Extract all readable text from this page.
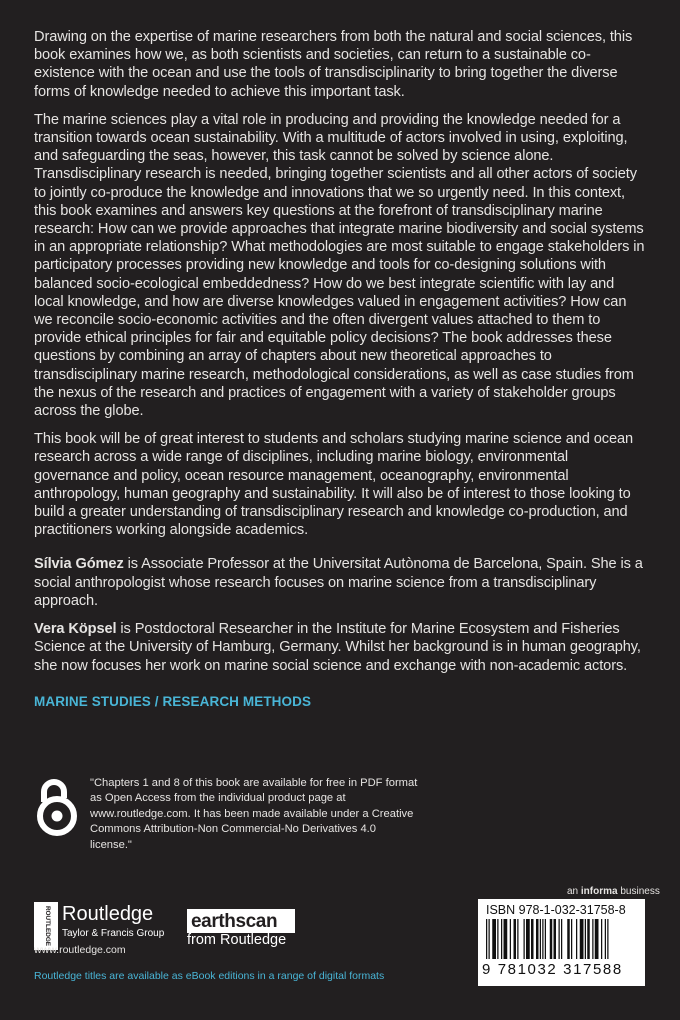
Drawing on the expertise of marine researchers from both the natural and social sciences, this book examines how we, as both scientists and societies, can return to a sustainable co-existence with the ocean and use the tools of transdisciplinarity to bring together the diverse forms of knowledge needed to achieve this important task.

The marine sciences play a vital role in producing and providing the knowledge needed for a transition towards ocean sustainability. With a multitude of actors involved in using, exploiting, and safeguarding the seas, however, this task cannot be solved by science alone. Transdisciplinary research is needed, bringing together scientists and all other actors of society to jointly co-produce the knowledge and innovations that we so urgently need. In this context, this book examines and answers key questions at the forefront of transdisciplinary marine research: How can we provide approaches that integrate marine biodiversity and social systems in an appropriate relationship? What methodologies are most suitable to engage stakeholders in participatory processes providing new knowledge and tools for co-designing solutions with balanced socio-ecological embeddedness? How do we best integrate scientific with lay and local knowledge, and how are diverse knowledges valued in engagement activities? How can we reconcile socio-economic activities and the often divergent values attached to them to provide ethical principles for fair and equitable policy decisions? The book addresses these questions by combining an array of chapters about new theoretical approaches to transdisciplinary marine research, methodological considerations, as well as case studies from the nexus of the research and practices of engagement with a variety of stakeholder groups across the globe.

This book will be of great interest to students and scholars studying marine science and ocean research across a wide range of disciplines, including marine biology, environmental governance and policy, ocean resource management, oceanography, environmental anthropology, human geography and sustainability. It will also be of interest to those looking to build a greater understanding of transdisciplinary research and knowledge co-production, and practitioners working alongside academics.

Sílvia Gómez is Associate Professor at the Universitat Autònoma de Barcelona, Spain. She is a social anthropologist whose research focuses on marine science from a transdisciplinary approach.

Vera Köpsel is Postdoctoral Researcher in the Institute for Marine Ecosystem and Fisheries Science at the University of Hamburg, Germany. Whilst her background is in human geography, she now focuses her work on marine social science and exchange with non-academic actors.

MARINE STUDIES / RESEARCH METHODS
"Chapters 1 and 8 of this book are available for free in PDF format as Open Access from the individual product page at www.routledge.com. It has been made available under a Creative Commons Attribution-Non Commercial-No Derivatives 4.0 license."
an informa business
ISBN 978-1-032-31758-8
9 781032 317588
ROUTLEDGE Routledge
Taylor & Francis Group
www.routledge.com
earthscan
from Routledge
Routledge titles are available as eBook editions in a range of digital formats
